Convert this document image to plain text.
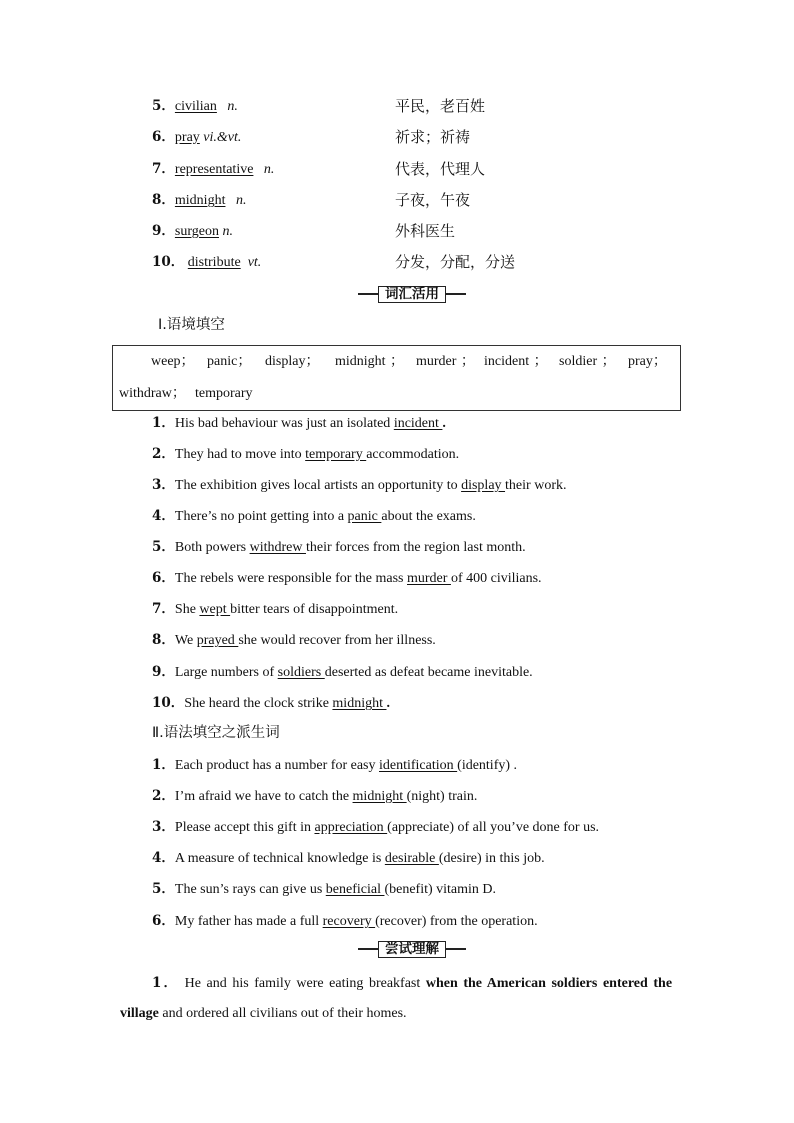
5．civilian n.	平民，老百姓
6．pray vi.&vt.	祈求；祈祷
7．representative n.	代表，代理人
8．midnight n.	子夜，午夜
9．surgeon n.	外科医生
10． distribute vt.	分发，分配，分送
词汇活用
Ⅰ.语境填空
weep； panic； display； midnight ； murder ； incident ； soldier ； pray；
withdraw； temporary
1．His bad behaviour was just an isolated incident .
2．They had to move into temporary accommodation.
3．The exhibition gives local artists an opportunity to display their work.
4．There’s no point getting into a panic about the exams.
5．Both powers withdrew their forces from the region last month.
6．The rebels were responsible for the mass murder of 400 civilians.
7．She wept bitter tears of disappointment.
8．We prayed she would recover from her illness.
9．Large numbers of soldiers deserted as defeat became inevitable.
10．She heard the clock strike midnight .
Ⅱ.语法填空之派生词
1．Each product has a number for easy identification (identify) .
2．I’m afraid we have to catch the midnight (night) train.
3．Please accept this gift in appreciation (appreciate) of all you’ve done for us.
4．A measure of technical knowledge is desirable (desire) in this job.
5．The sun’s rays can give us beneficial (benefit) vitamin D.
6．My father has made a full recovery (recover) from the operation.
尝试理解
1． He and his family were eating breakfast when the American soldiers entered the village and ordered all civilians out of their homes.
